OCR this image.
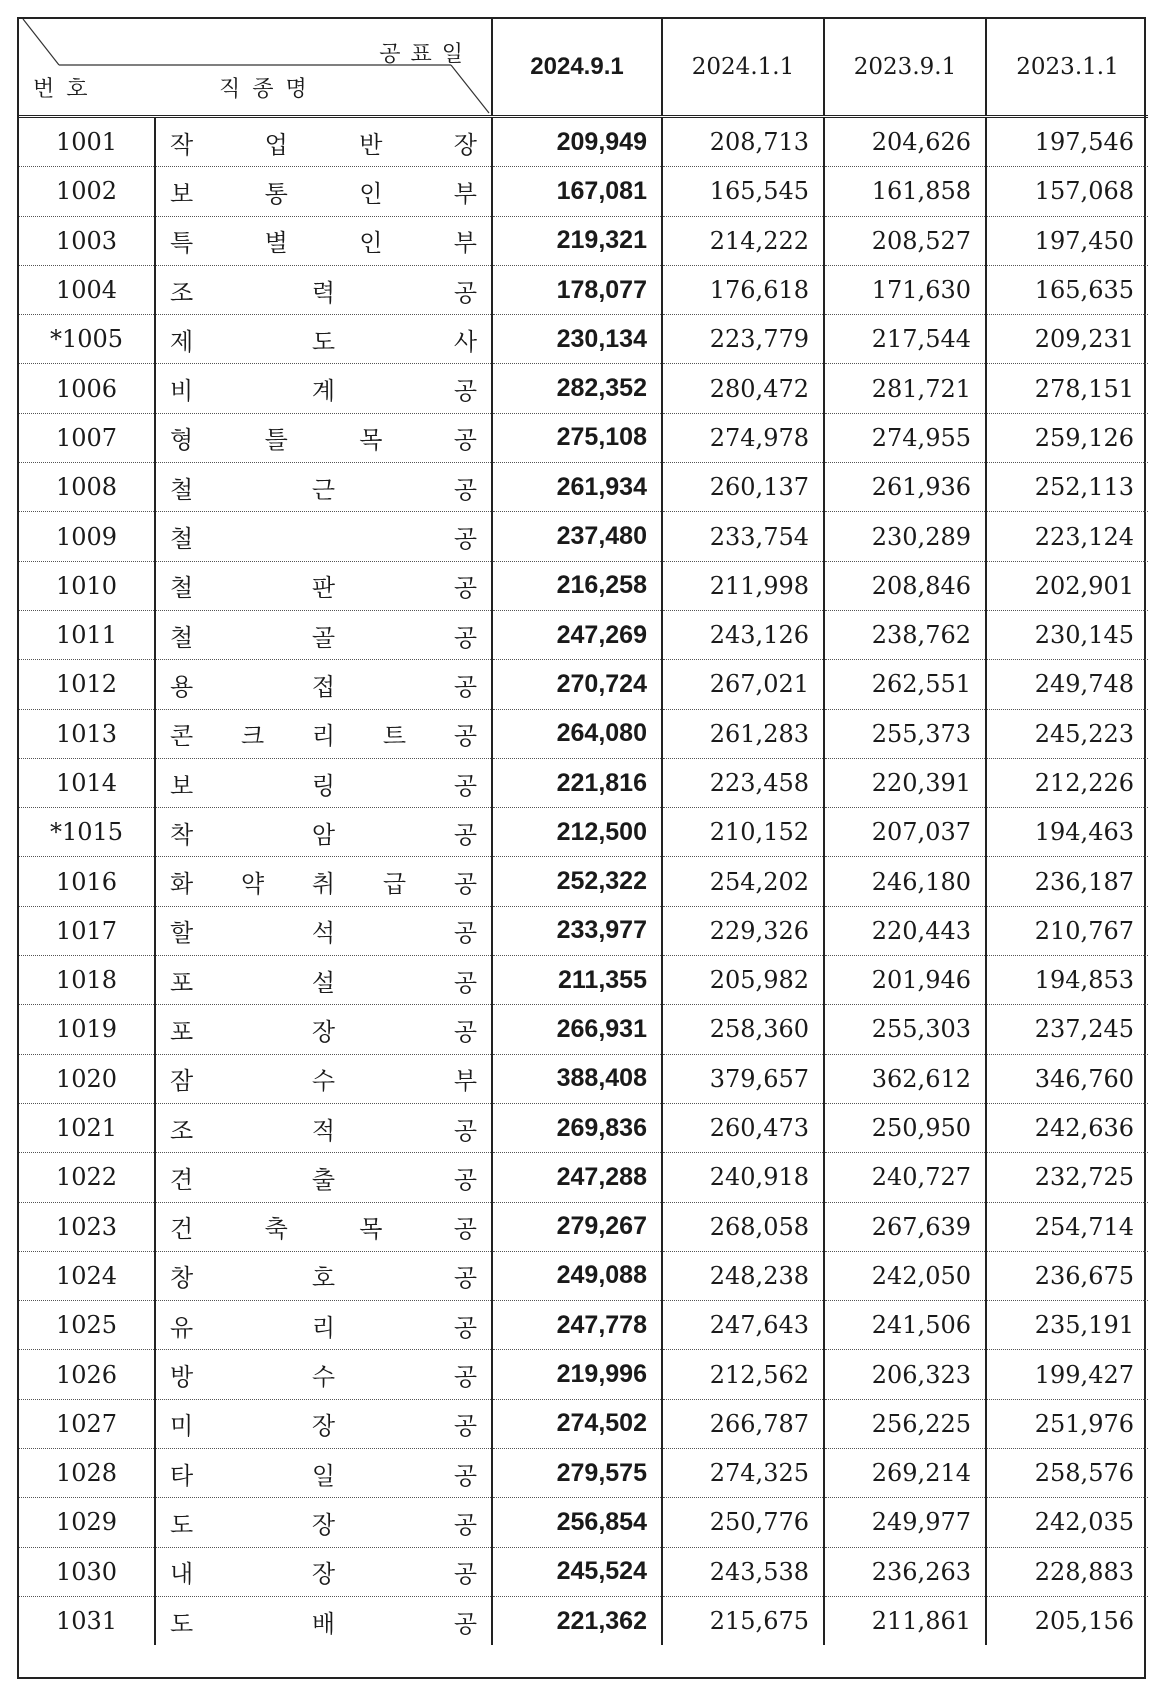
공표일
번호 직종명		2024.9.1	2024.1.1	2023.9.1	2023.1.1
1001	작 업 반 장	209,949	208,713	204,626	197,546
1002	보 통 인 부	167,081	165,545	161,858	157,068
1003	특 별 인 부	219,321	214,222	208,527	197,450
1004	조 력 공	178,077	176,618	171,630	165,635
*1005	제 도 사	230,134	223,779	217,544	209,231
1006	비 계 공	282,352	280,472	281,721	278,151
1007	형 틀 목 공	275,108	274,978	274,955	259,126
1008	철 근 공	261,934	260,137	261,936	252,113
1009	철 공	237,480	233,754	230,289	223,124
1010	철 판 공	216,258	211,998	208,846	202,901
1011	철 골 공	247,269	243,126	238,762	230,145
1012	용 접 공	270,724	267,021	262,551	249,748
1013	콘 크 리 트 공	264,080	261,283	255,373	245,223
1014	보 링 공	221,816	223,458	220,391	212,226
*1015	착 암 공	212,500	210,152	207,037	194,463
1016	화 약 취 급 공	252,322	254,202	246,180	236,187
1017	할 석 공	233,977	229,326	220,443	210,767
1018	포 설 공	211,355	205,982	201,946	194,853
1019	포 장 공	266,931	258,360	255,303	237,245
1020	잠 수 부	388,408	379,657	362,612	346,760
1021	조 적 공	269,836	260,473	250,950	242,636
1022	견 출 공	247,288	240,918	240,727	232,725
1023	건 축 목 공	279,267	268,058	267,639	254,714
1024	창 호 공	249,088	248,238	242,050	236,675
1025	유 리 공	247,778	247,643	241,506	235,191
1026	방 수 공	219,996	212,562	206,323	199,427
1027	미 장 공	274,502	266,787	256,225	251,976
1028	타 일 공	279,575	274,325	269,214	258,576
1029	도 장 공	256,854	250,776	249,977	242,035
1030	내 장 공	245,524	243,538	236,263	228,883
1031	도 배 공	221,362	215,675	211,861	205,156
